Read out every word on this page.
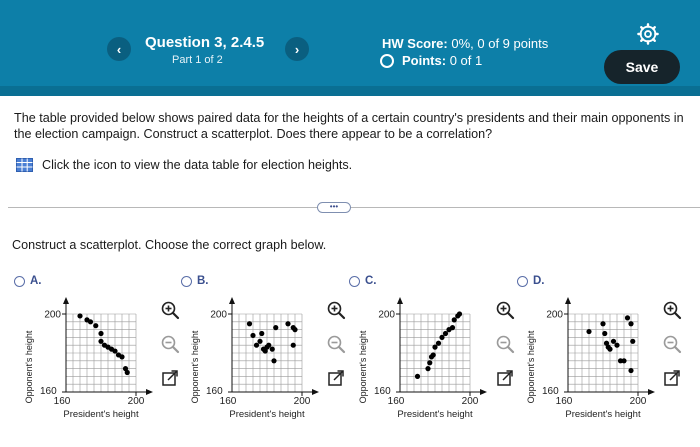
‹	Question 3, 2.4.5
Part 1 of 2
›	HW Score: 0%, 0 of 9 points
Points: 0 of 1	Save
The table provided below shows paired data for the heights of a certain country's presidents and their main opponents in the election campaign. Construct a scatterplot. Does there appear to be a correlation?
Click the icon to view the data table for election heights.
•••
Construct a scatterplot. Choose the correct graph below.
A.
200
160
160	200
President's height
Opponent's height
B.
200
160
160	200
President's height
Opponent's height
C.
200
160
160	200
President's height
Opponent's height
D.
200
160
160	200
President's height
Opponent's height
